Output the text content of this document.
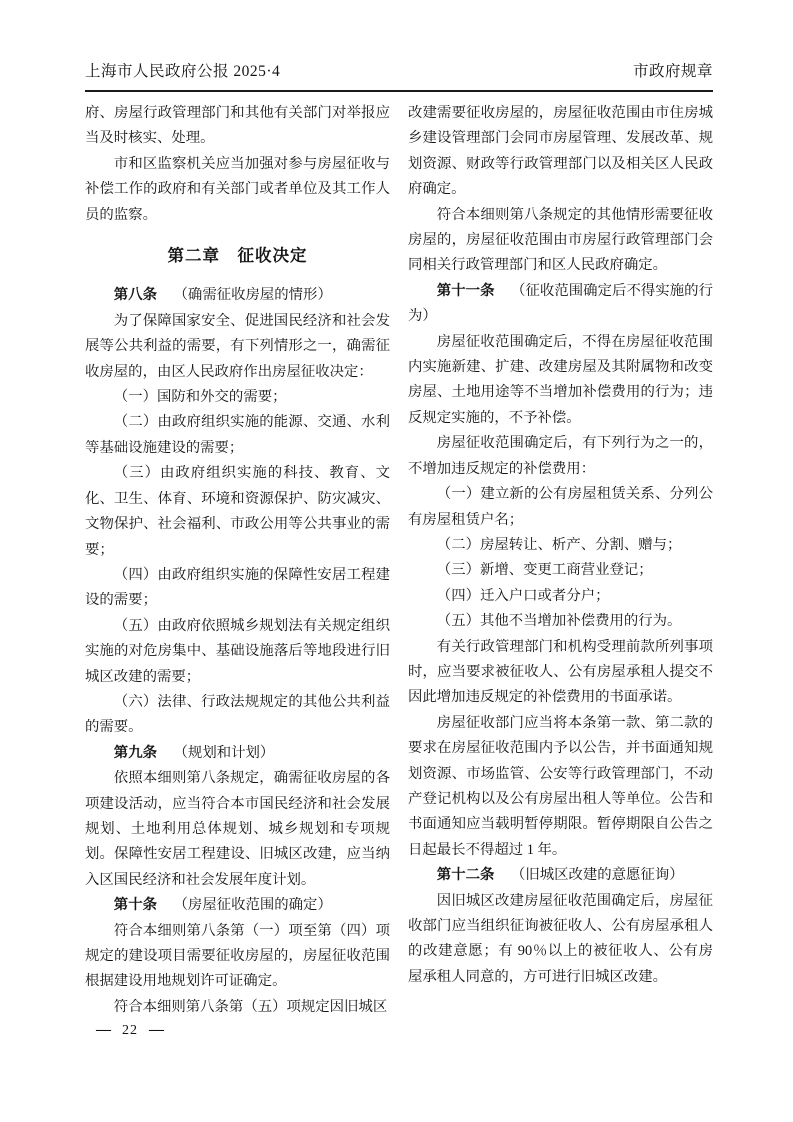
上海市人民政府公报 2025·4	市政府规章

府、房屋行政管理部门和其他有关部门对举报应当及时核实、处理。

市和区监察机关应当加强对参与房屋征收与补偿工作的政府和有关部门或者单位及其工作人员的监察。

第二章　征收决定

第八条 （确需征收房屋的情形）

为了保障国家安全、促进国民经济和社会发展等公共利益的需要，有下列情形之一，确需征收房屋的，由区人民政府作出房屋征收决定：

（一）国防和外交的需要；

（二）由政府组织实施的能源、交通、水利等基础设施建设的需要；

（三）由政府组织实施的科技、教育、文化、卫生、体育、环境和资源保护、防灾减灾、文物保护、社会福利、市政公用等公共事业的需要；

（四）由政府组织实施的保障性安居工程建设的需要；

（五）由政府依照城乡规划法有关规定组织实施的对危房集中、基础设施落后等地段进行旧城区改建的需要；

（六）法律、行政法规规定的其他公共利益的需要。

第九条 （规划和计划）

依照本细则第八条规定，确需征收房屋的各项建设活动，应当符合本市国民经济和社会发展规划、土地利用总体规划、城乡规划和专项规划。保障性安居工程建设、旧城区改建，应当纳入区国民经济和社会发展年度计划。

第十条 （房屋征收范围的确定）

符合本细则第八条第（一）项至第（四）项规定的建设项目需要征收房屋的，房屋征收范围根据建设用地规划许可证确定。

符合本细则第八条第（五）项规定因旧城区

改建需要征收房屋的，房屋征收范围由市住房城乡建设管理部门会同市房屋管理、发展改革、规划资源、财政等行政管理部门以及相关区人民政府确定。

符合本细则第八条规定的其他情形需要征收房屋的，房屋征收范围由市房屋行政管理部门会同相关行政管理部门和区人民政府确定。

第十一条 （征收范围确定后不得实施的行为）

房屋征收范围确定后，不得在房屋征收范围内实施新建、扩建、改建房屋及其附属物和改变房屋、土地用途等不当增加补偿费用的行为；违反规定实施的，不予补偿。

房屋征收范围确定后，有下列行为之一的，不增加违反规定的补偿费用：

（一）建立新的公有房屋租赁关系、分列公有房屋租赁户名；

（二）房屋转让、析产、分割、赠与；

（三）新增、变更工商营业登记；

（四）迁入户口或者分户；

（五）其他不当增加补偿费用的行为。

有关行政管理部门和机构受理前款所列事项时，应当要求被征收人、公有房屋承租人提交不因此增加违反规定的补偿费用的书面承诺。

房屋征收部门应当将本条第一款、第二款的要求在房屋征收范围内予以公告，并书面通知规划资源、市场监管、公安等行政管理部门，不动产登记机构以及公有房屋出租人等单位。公告和书面通知应当载明暂停期限。暂停期限自公告之日起最长不得超过 1 年。

第十二条 （旧城区改建的意愿征询）

因旧城区改建房屋征收范围确定后，房屋征收部门应当组织征询被征收人、公有房屋承租人的改建意愿；有 90％以上的被征收人、公有房屋承租人同意的，方可进行旧城区改建。

— 22 —
